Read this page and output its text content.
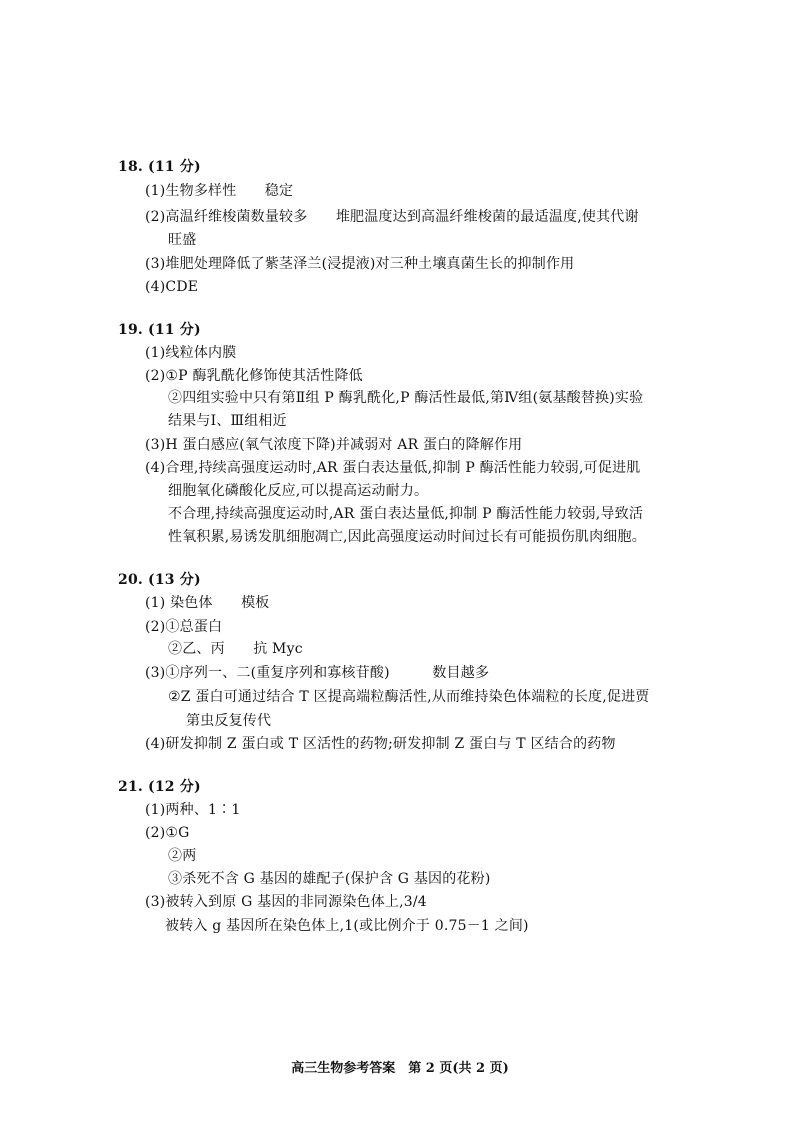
18. (11 分)
(1)生物多样性　　稳定
(2)高温纤维梭菌数量较多　　堆肥温度达到高温纤维梭菌的最适温度,使其代谢
旺盛
(3)堆肥处理降低了紫茎泽兰(浸提液)对三种土壤真菌生长的抑制作用
(4)CDE
19. (11 分)
(1)线粒体内膜
(2)①P 酶乳酰化修饰使其活性降低
②四组实验中只有第Ⅱ组 P 酶乳酰化,P 酶活性最低,第Ⅳ组(氨基酸替换)实验
结果与Ⅰ、Ⅲ组相近
(3)H 蛋白感应(氧气浓度下降)并减弱对 AR 蛋白的降解作用
(4)合理,持续高强度运动时,AR 蛋白表达量低,抑制 P 酶活性能力较弱,可促进肌
细胞氧化磷酸化反应,可以提高运动耐力。
不合理,持续高强度运动时,AR 蛋白表达量低,抑制 P 酶活性能力较弱,导致活
性氧积累,易诱发肌细胞凋亡,因此高强度运动时间过长有可能损伤肌肉细胞。
20. (13 分)
(1) 染色体　　模板
(2)①总蛋白
②乙、丙　　抗 Myc
(3)①序列一、二(重复序列和寡核苷酸)　　　数目越多
②Z 蛋白可通过结合 T 区提高端粒酶活性,从而维持染色体端粒的长度,促进贾
第虫反复传代
(4)研发抑制 Z 蛋白或 T 区活性的药物;研发抑制 Z 蛋白与 T 区结合的药物
21. (12 分)
(1)两种、1∶1
(2)①G
②两
③杀死不含 G 基因的雄配子(保护含 G 基因的花粉)
(3)被转入到原 G 基因的非同源染色体上,3/4
被转入 g 基因所在染色体上,1(或比例介于 0.75－1 之间)
高三生物参考答案　第 2 页(共 2 页)
